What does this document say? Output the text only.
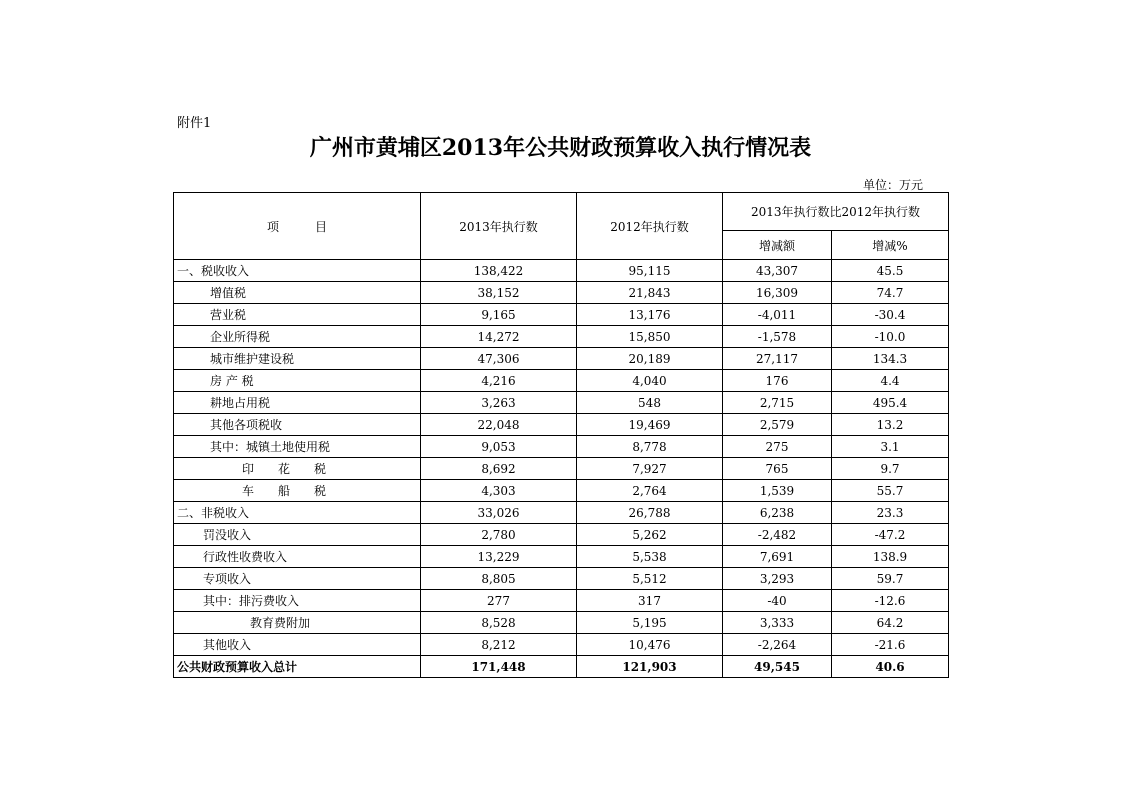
附件1
广州市黄埔区2013年公共财政预算收入执行情况表
单位：万元
项　　　目	2013年执行数	2012年执行数	2013年执行数比2012年执行数	
			增减额	增减%
一、税收收入	138,422	95,115	43,307	45.5
增值税	38,152	21,843	16,309	74.7
营业税	9,165	13,176	-4,011	-30.4
企业所得税	14,272	15,850	-1,578	-10.0
城市维护建设税	47,306	20,189	27,117	134.3
房 产 税	4,216	4,040	176	4.4
耕地占用税	3,263	548	2,715	495.4
其他各项税收	22,048	19,469	2,579	13.2
其中：城镇土地使用税	9,053	8,778	275	3.1
印　　花　　税	8,692	7,927	765	9.7
车　　船　　税	4,303	2,764	1,539	55.7
二、非税收入	33,026	26,788	6,238	23.3
罚没收入	2,780	5,262	-2,482	-47.2
行政性收费收入	13,229	5,538	7,691	138.9
专项收入	8,805	5,512	3,293	59.7
其中：排污费收入	277	317	-40	-12.6
教育费附加	8,528	5,195	3,333	64.2
其他收入	8,212	10,476	-2,264	-21.6
公共财政预算收入总计	171,448	121,903	49,545	40.6
